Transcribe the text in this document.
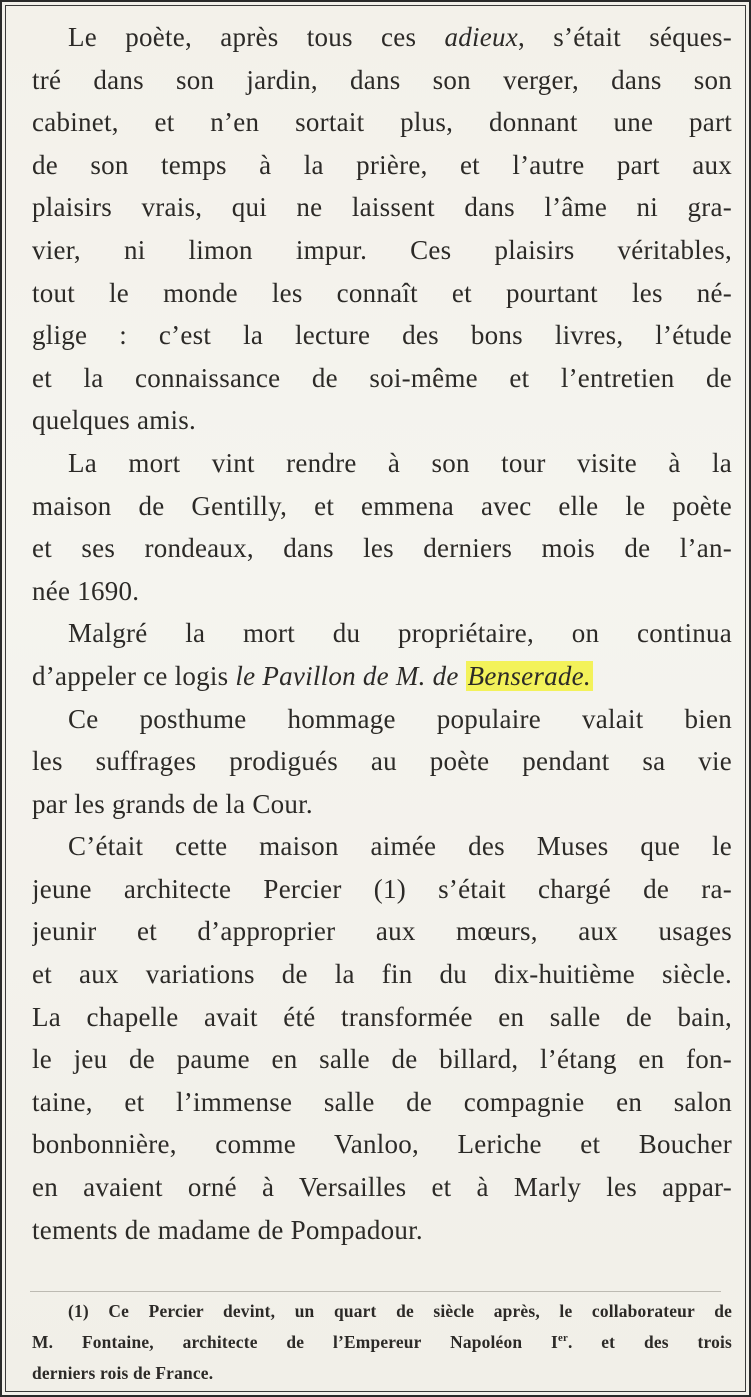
Le poète, après tous ces adieux, s’était séques-
tré dans son jardin, dans son verger, dans son
cabinet, et n’en sortait plus, donnant une part
de son temps à la prière, et l’autre part aux
plaisirs vrais, qui ne laissent dans l’âme ni gra-
vier, ni limon impur. Ces plaisirs véritables,
tout le monde les connaît et pourtant les né-
glige : c’est la lecture des bons livres, l’étude
et la connaissance de soi-même et l’entretien de
quelques amis.
La mort vint rendre à son tour visite à la
maison de Gentilly, et emmena avec elle le poète
et ses rondeaux, dans les derniers mois de l’an-
née 1690.
Malgré la mort du propriétaire, on continua
d’appeler ce logis le Pavillon de M. de Benserade.
Ce posthume hommage populaire valait bien
les suffrages prodigués au poète pendant sa vie
par les grands de la Cour.
C’était cette maison aimée des Muses que le
jeune architecte Percier (1) s’était chargé de ra-
jeunir et d’approprier aux mœurs, aux usages
et aux variations de la fin du dix-huitième siècle.
La chapelle avait été transformée en salle de bain,
le jeu de paume en salle de billard, l’étang en fon-
taine, et l’immense salle de compagnie en salon
bonbonnière, comme Vanloo, Leriche et Boucher
en avaient orné à Versailles et à Marly les appar-
tements de madame de Pompadour.
(1) Ce Percier devint, un quart de siècle après, le collaborateur de
M. Fontaine, architecte de l’Empereur Napoléon Ier. et des trois
derniers rois de France.
